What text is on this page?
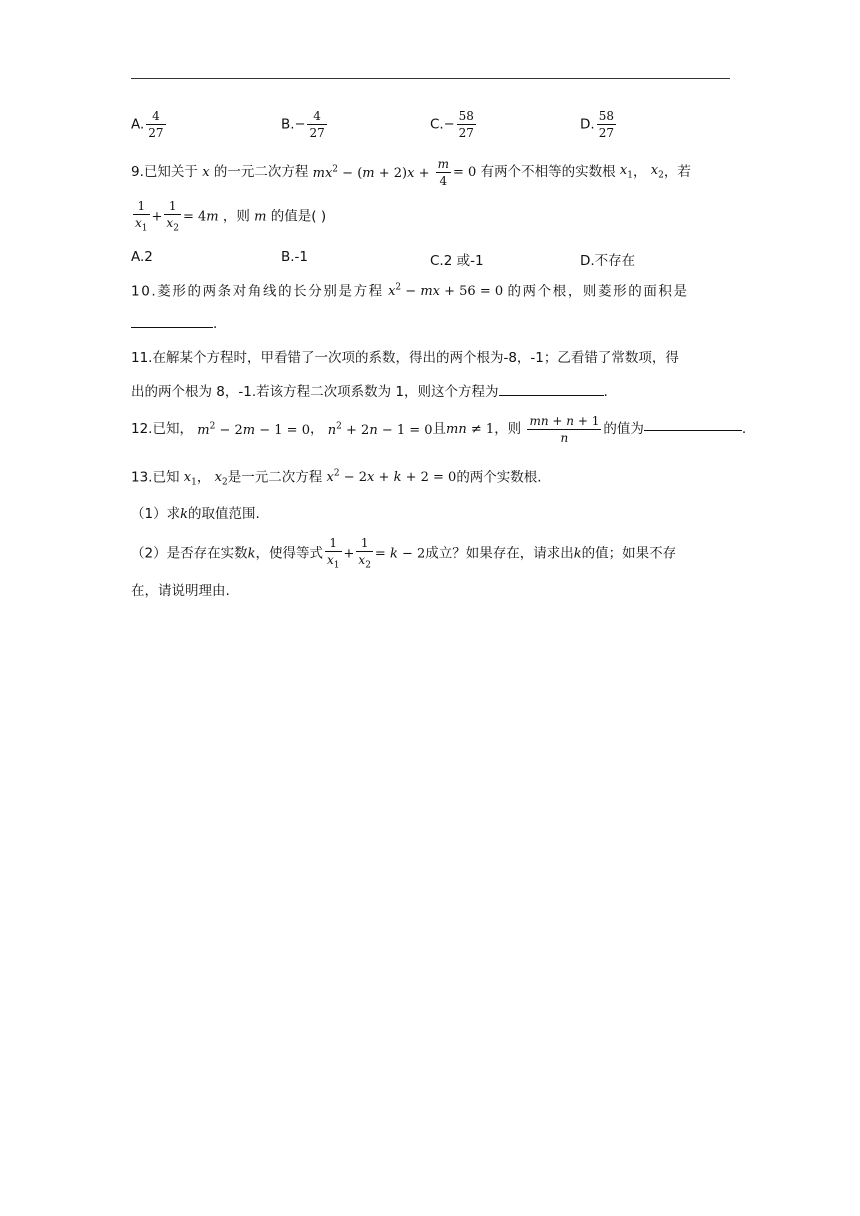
A. $\frac{4}{27}$	$B.- \frac{4}{27}$	$C.- \frac{58}{27}$	D. $\frac{58}{27}$
9.已知关于 x 的一元二次方程 $mx^2 - (m + 2)x + \frac{m}{4} = 0$ 有两个不相等的实数根 $x_1$， $x_2$，若
$\frac{1}{x_1} + \frac{1}{x_2} = 4m$ ，则 m 的值是( )
A.2	B.-1	C.2 或-1	D.不存在
10.菱形的两条对角线的长分别是方程 $x^2$ − mx + 56 = 0 的两个根，则菱形的面积是
.
11.在解某个方程时，甲看错了一次项的系数，得出的两个根为-8，-1；乙看错了常数项，得
出的两个根为 8，-1.若该方程二次项系数为 1，则这个方程为	.
12.已知， $m^2 - 2m - 1 = 0$， $n^2 + 2n - 1 = 0$且mn ≠ 1，则 $\frac{mn + n + 1}{n}$ 的值为	.
13.已知 $x_1$， $x_2$是一元二次方程 $x^2 - 2x + k + 2 = 0$的两个实数根.
（1）求k的取值范围.
（2）是否存在实数k，使得等式 $\frac{1}{x_1} + \frac{1}{x_2} = k - 2$成立？如果存在，请求出k的值；如果不存
在，请说明理由.
